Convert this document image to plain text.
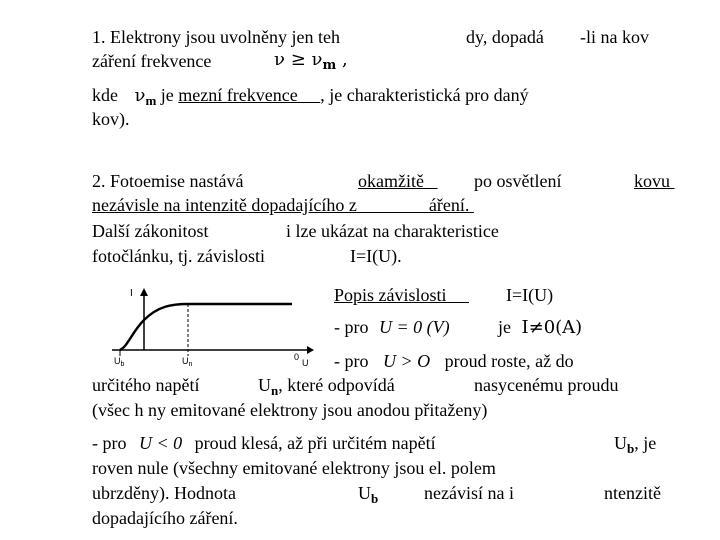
1. Elektrony jsou uvolněny jen teh	dy, dopadá -li na kov
záření frekvence	$\nu \ge \nu_m$ ,
kde $\nu_m$ je mezní frekvence , je charakteristická pro daný
kov).
2. Fotoemise nastává	okamžitě	po osvětlení	kovu
nezávisle na intenzitě dopadajícího z	áření.
Další zákonitost	i lze ukázat na charakteristice
fotočlánku, tj. závislosti	I=I(U).
I
$U_b$	$U_n$
0
U
Popis závislosti	I=I(U)
- pro U = 0 (V)	je I≠0(A)
- pro U > O proud roste, až do
určitého napětí	$U_n$, které odpovídá	nasycenému proudu
(všec h ny emitované elektrony jsou anodou přitaženy)
- pro U < 0 proud klesá, až při určitém napětí	$U_b$, je
roven nule (všechny emitované elektrony jsou el. polem
ubrzděny). Hodnota	$U_b$	nezávisí na i	ntenzitě
dopadajícího záření.
